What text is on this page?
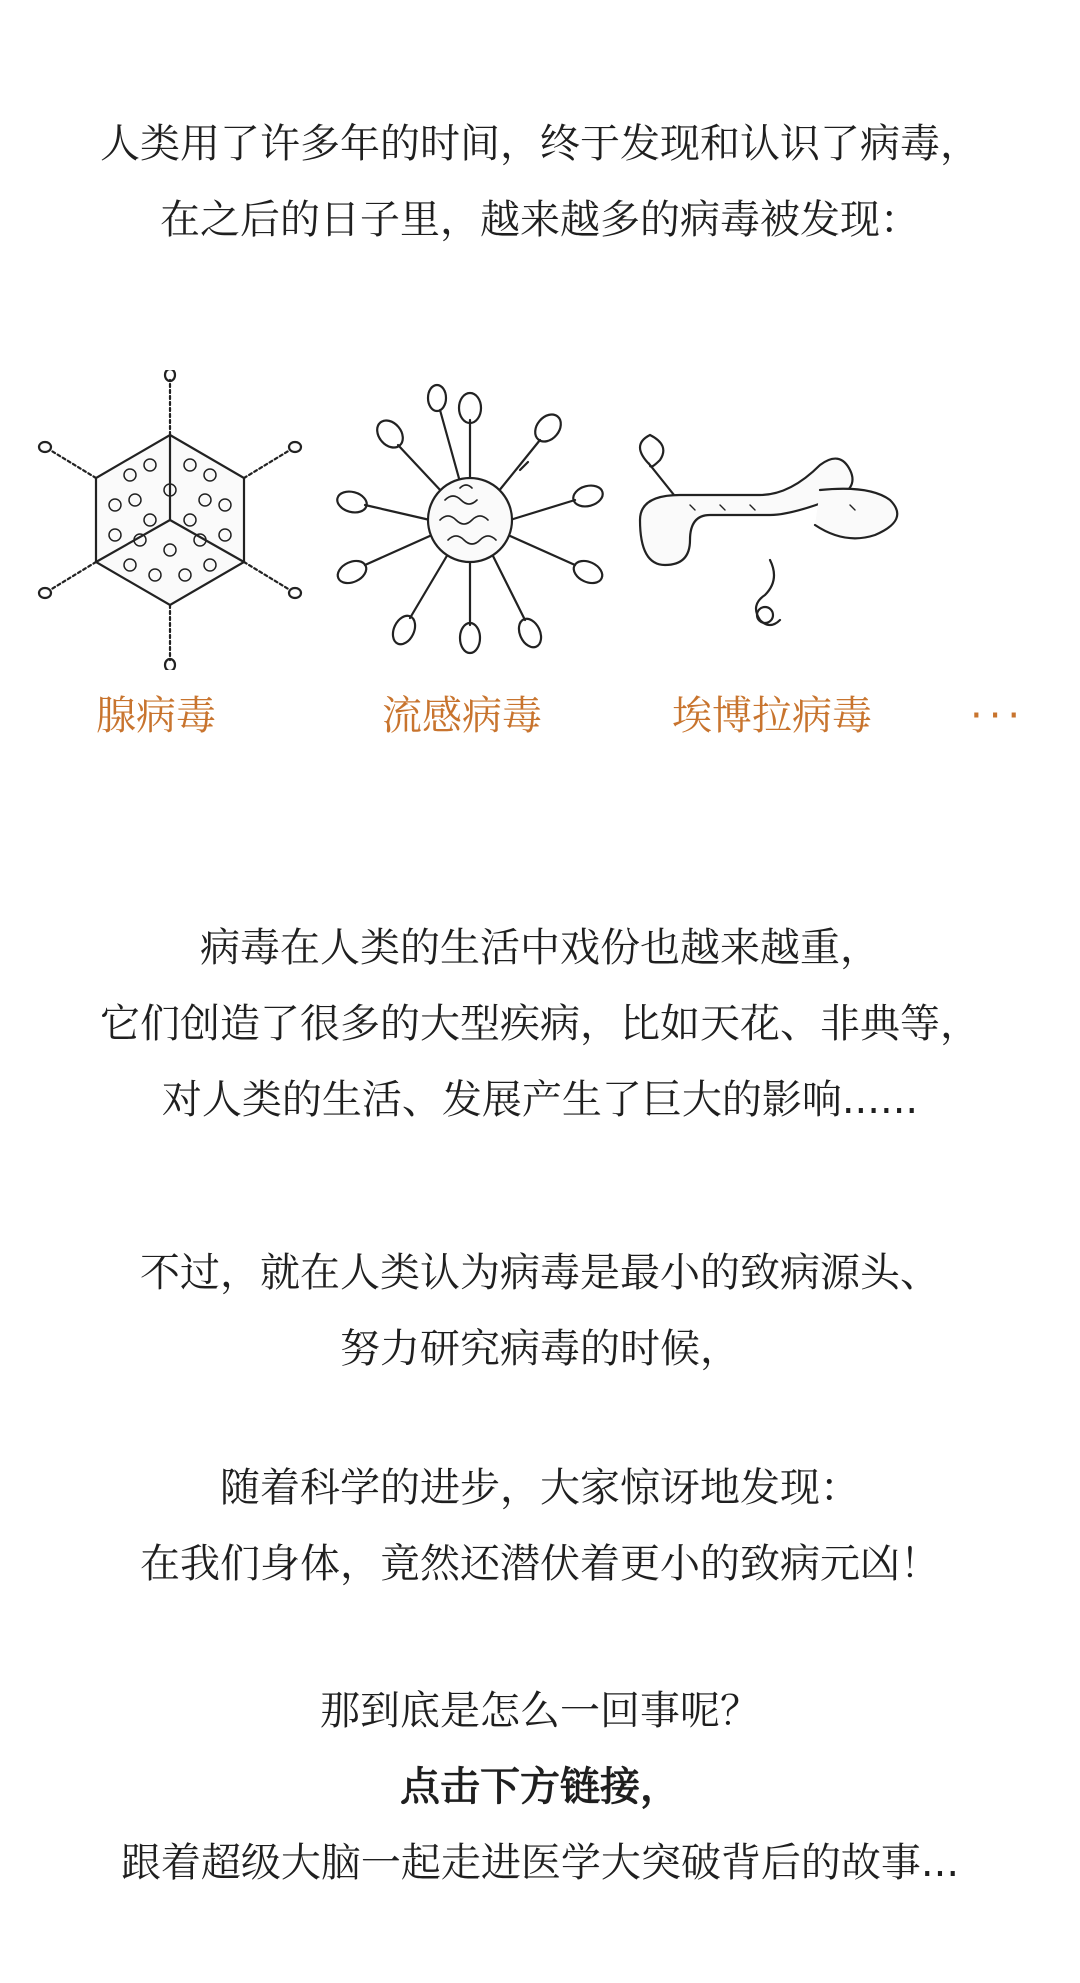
人类用了许多年的时间，终于发现和认识了病毒，
在之后的日子里，越来越多的病毒被发现：
腺病毒	流感病毒	埃博拉病毒 ···
病毒在人类的生活中戏份也越来越重，
它们创造了很多的大型疾病，比如天花、非典等，
对人类的生活、发展产生了巨大的影响......
不过，就在人类认为病毒是最小的致病源头、
努力研究病毒的时候，
随着科学的进步，大家惊讶地发现：
在我们身体，竟然还潜伏着更小的致病元凶！
那到底是怎么一回事呢？
点击下方链接，
跟着超级大脑一起走进医学大突破背后的故事...
